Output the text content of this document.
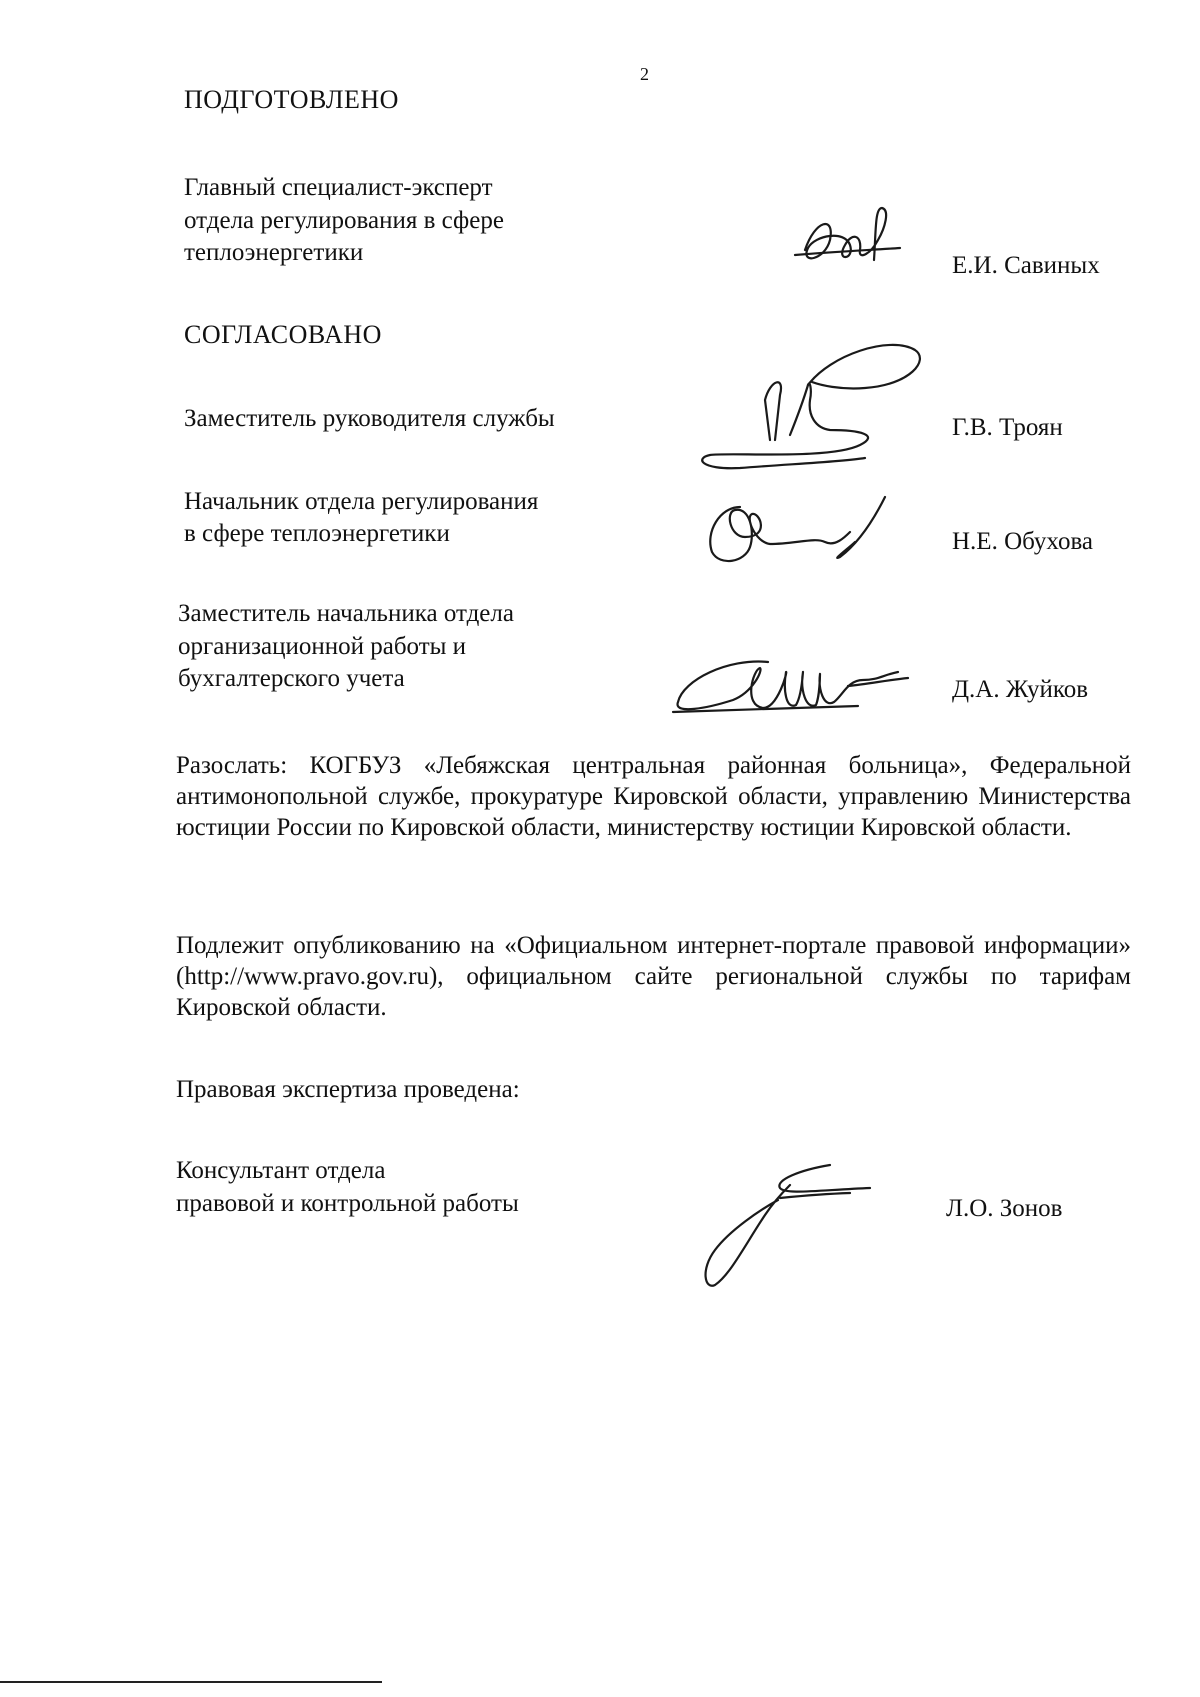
2
ПОДГОТОВЛЕНО
Главный специалист-эксперт
отдела регулирования в сфере
теплоэнергетики	Е.И. Савиных
СОГЛАСОВАНО
Заместитель руководителя службы	Г.В. Троян
Начальник отдела регулирования
в сфере теплоэнергетики	Н.Е. Обухова
Заместитель начальника отдела
организационной работы и
бухгалтерского учета	Д.А. Жуйков
Разослать: КОГБУЗ «Лебяжская центральная районная больница», Федеральной антимонопольной службе, прокуратуре Кировской области, управлению Министерства юстиции России по Кировской области, министерству юстиции Кировской области.
Подлежит опубликованию на «Официальном интернет-портале правовой информации» (http://www.pravo.gov.ru), официальном сайте региональной службы по тарифам Кировской области.
Правовая экспертиза проведена:
Консультант отдела
правовой и контрольной работы	Л.О. Зонов
